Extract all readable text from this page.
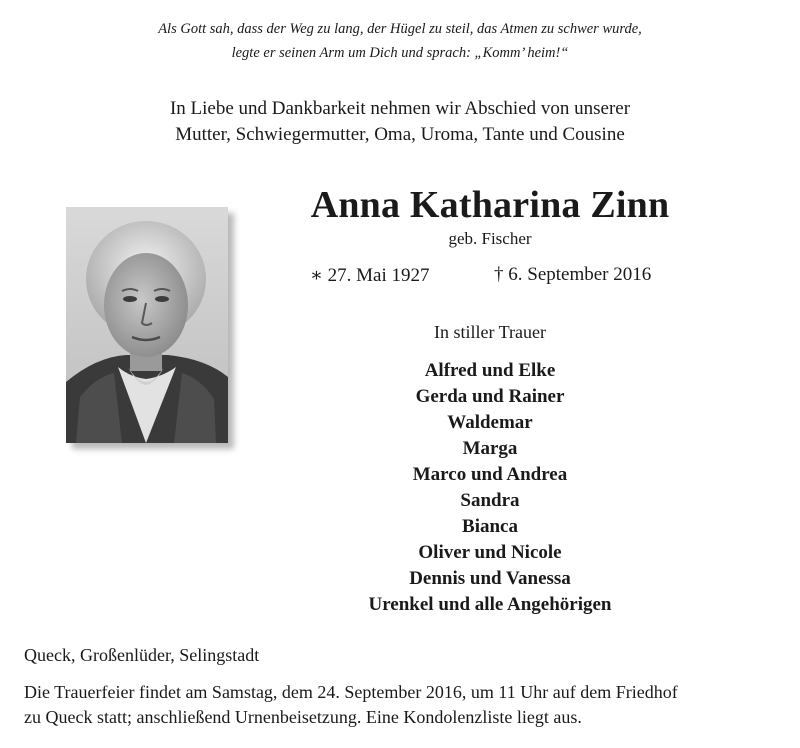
Als Gott sah, dass der Weg zu lang, der Hügel zu steil, das Atmen zu schwer wurde,
legte er seinen Arm um Dich und sprach: „Komm’ heim!“
In Liebe und Dankbarkeit nehmen wir Abschied von unserer
Mutter, Schwiegermutter, Oma, Uroma, Tante und Cousine
Anna Katharina Zinn
geb. Fischer
∗ 27. Mai 1927	† 6. September 2016
In stiller Trauer
Alfred und Elke
Gerda und Rainer
Waldemar
Marga
Marco und Andrea
Sandra
Bianca
Oliver und Nicole
Dennis und Vanessa
Urenkel und alle Angehörigen
Queck, Großenlüder, Selingstadt
Die Trauerfeier findet am Samstag, dem 24. September 2016, um 11 Uhr auf dem Friedhof
zu Queck statt; anschließend Urnenbeisetzung. Eine Kondolenzliste liegt aus.
